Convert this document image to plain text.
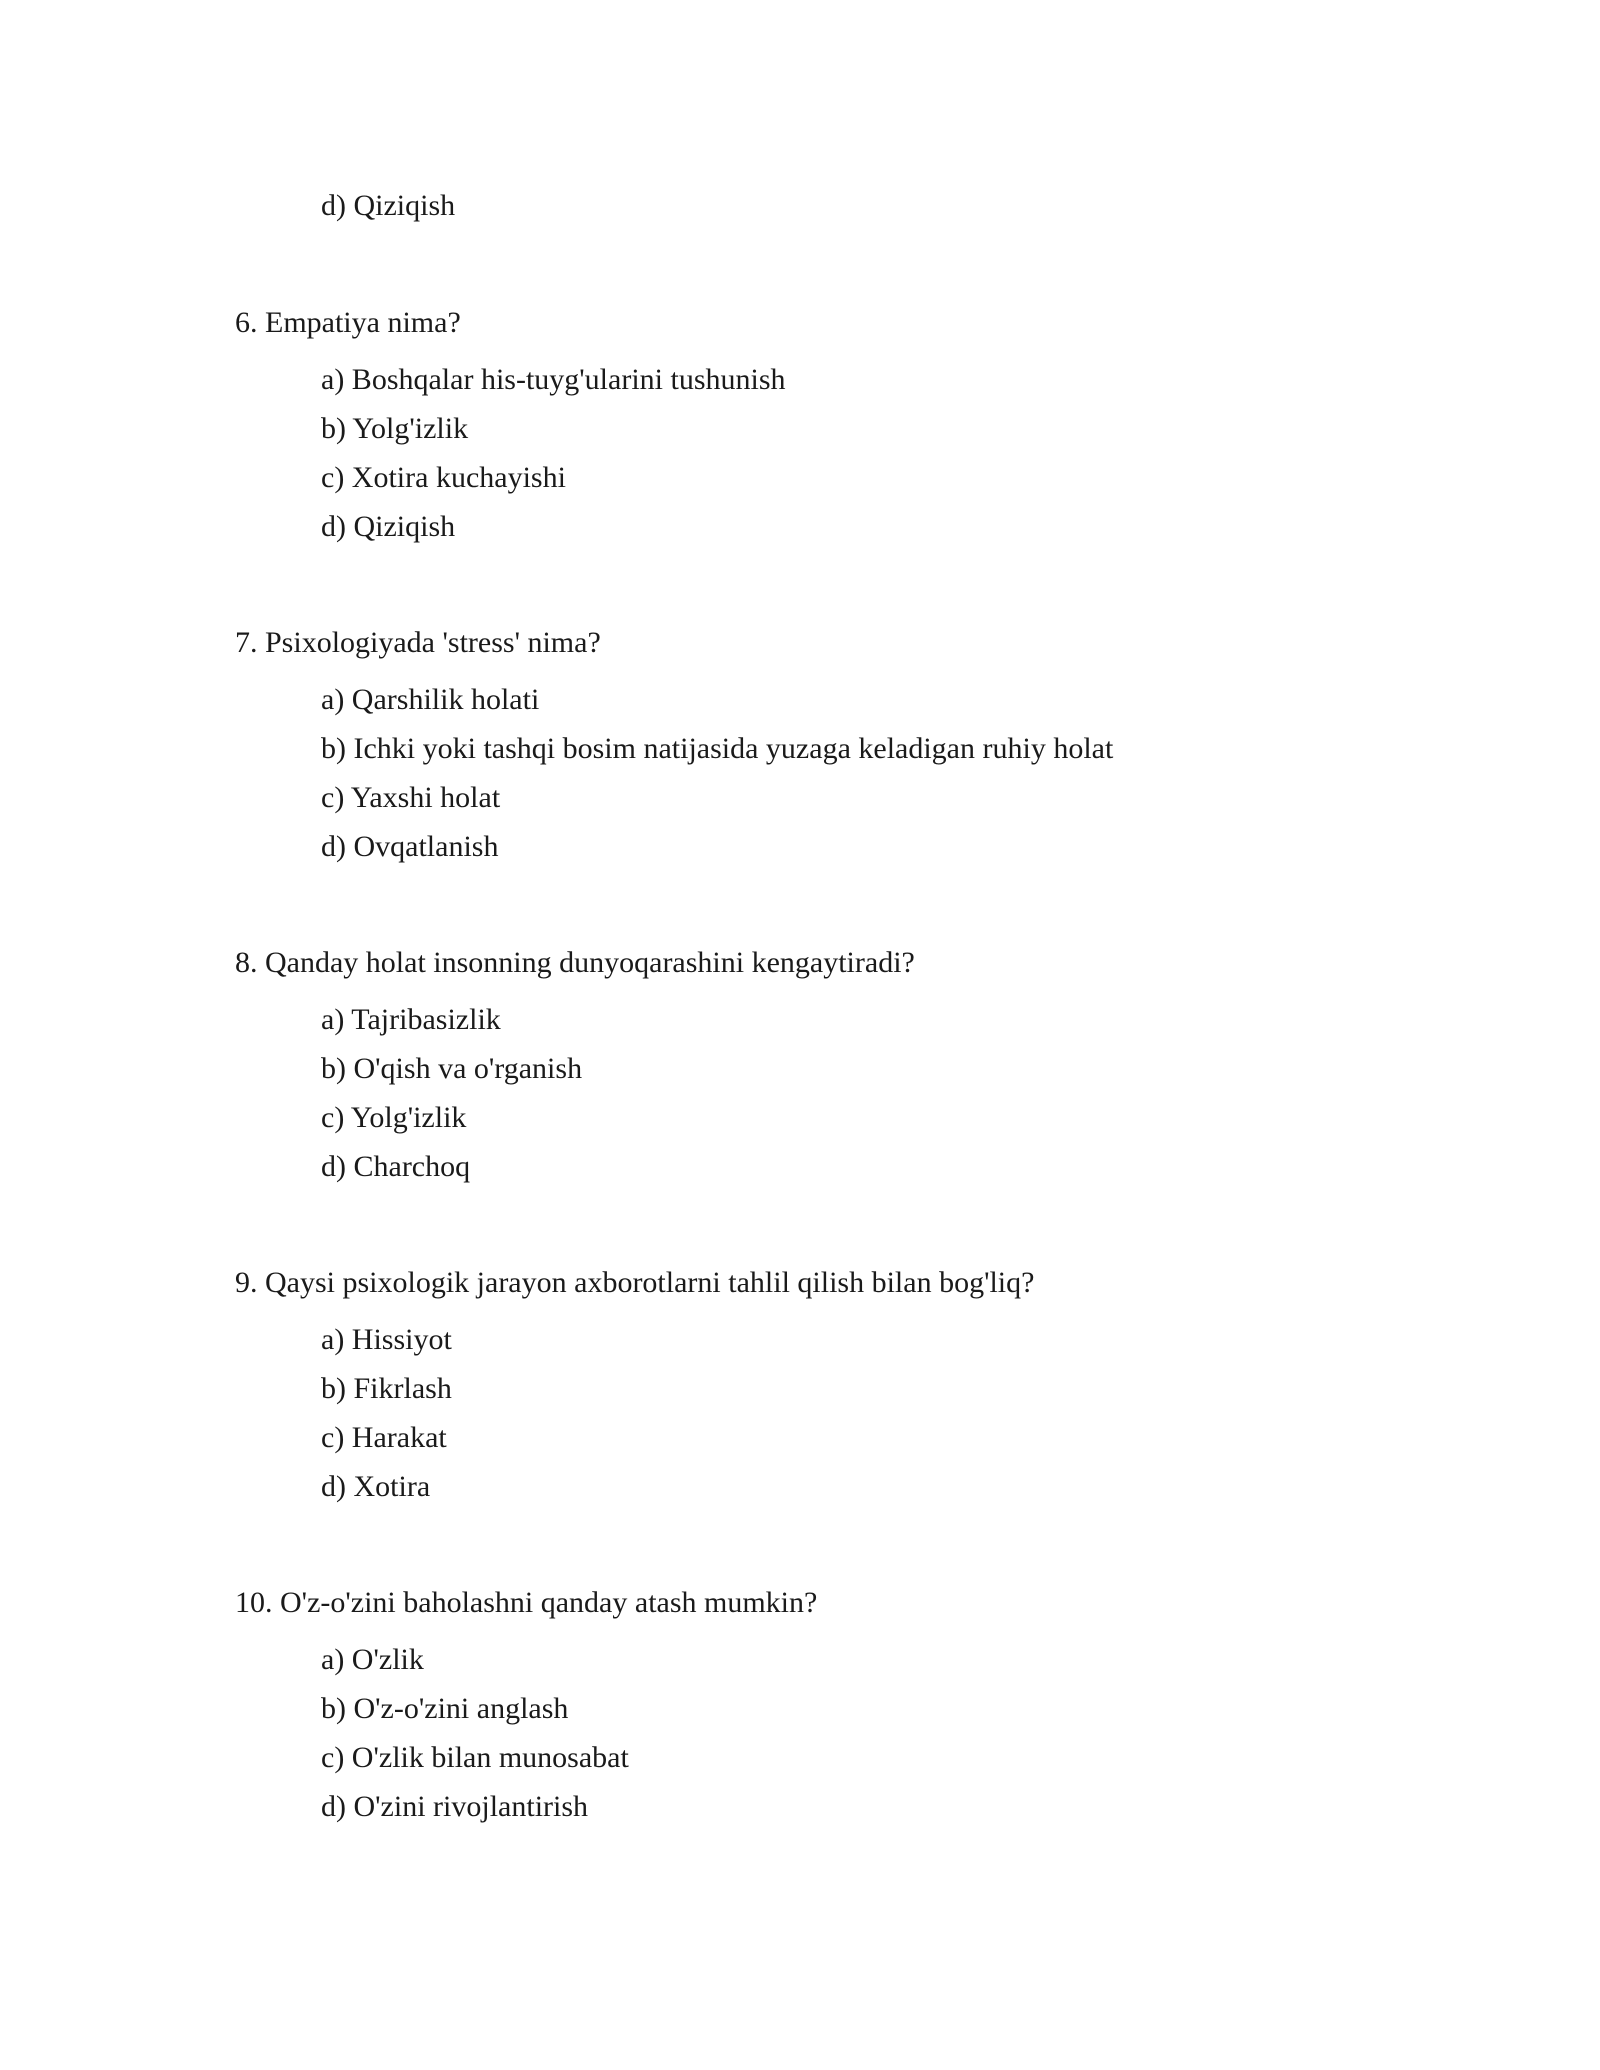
d) Qiziqish
6. Empatiya nima?
a) Boshqalar his-tuyg'ularini tushunish
b) Yolg'izlik
c) Xotira kuchayishi
d) Qiziqish
7. Psixologiyada 'stress' nima?
a) Qarshilik holati
b) Ichki yoki tashqi bosim natijasida yuzaga keladigan ruhiy holat
c) Yaxshi holat
d) Ovqatlanish
8. Qanday holat insonning dunyoqarashini kengaytiradi?
a) Tajribasizlik
b) O'qish va o'rganish
c) Yolg'izlik
d) Charchoq
9. Qaysi psixologik jarayon axborotlarni tahlil qilish bilan bog'liq?
a) Hissiyot
b) Fikrlash
c) Harakat
d) Xotira
10. O'z-o'zini baholashni qanday atash mumkin?
a) O'zlik
b) O'z-o'zini anglash
c) O'zlik bilan munosabat
d) O'zini rivojlantirish
